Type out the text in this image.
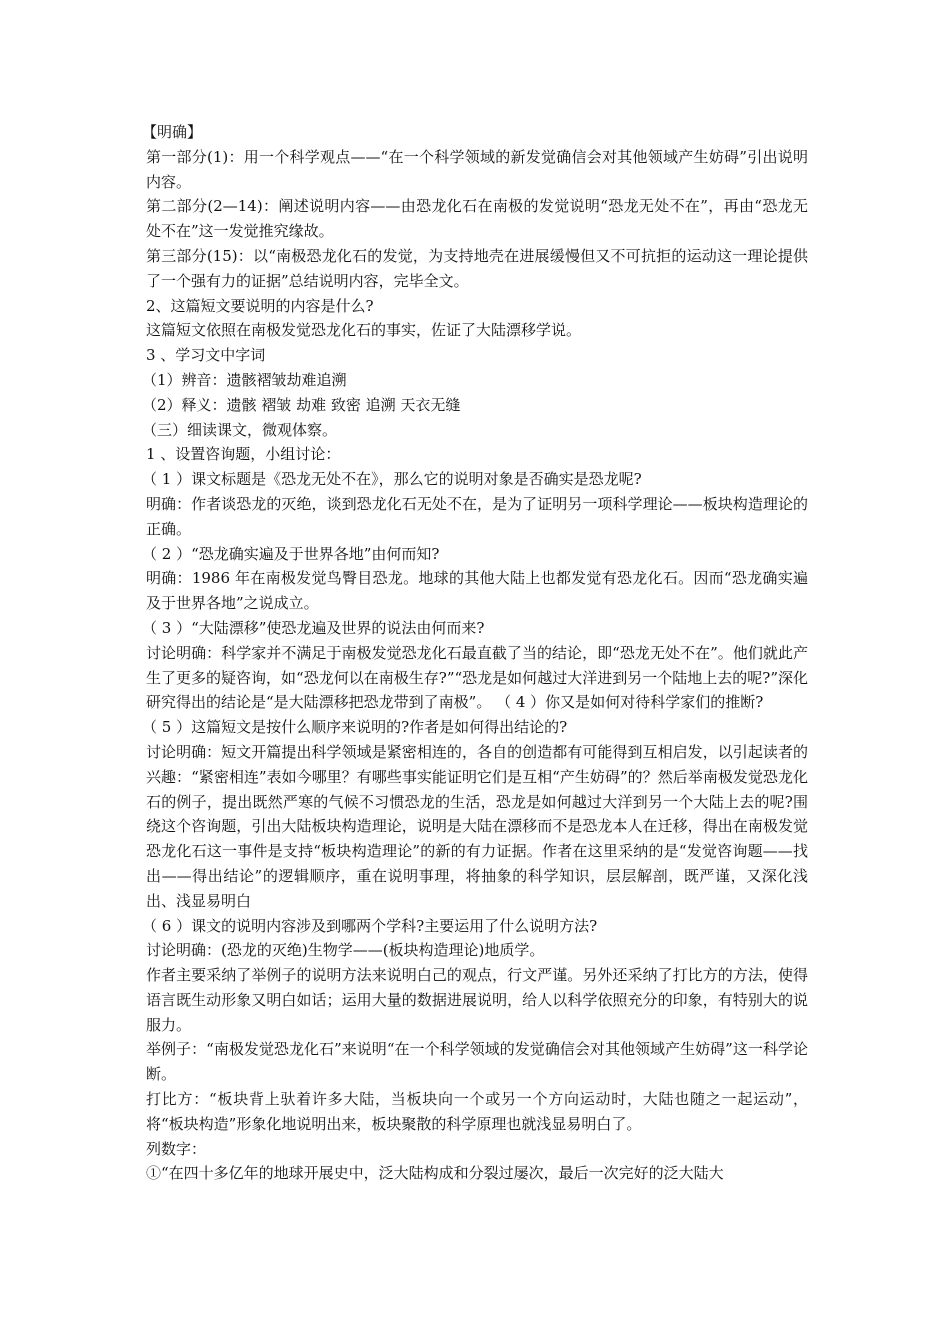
【明确】

第一部分(1)：用一个科学观点——“在一个科学领域的新发觉确信会对其他领域产生妨碍”引出说明内容。

第二部分(2—14)：阐述说明内容——由恐龙化石在南极的发觉说明“恐龙无处不在”，再由“恐龙无处不在”这一发觉推究缘故。

第三部分(15)：以“南极恐龙化石的发觉，为支持地壳在进展缓慢但又不可抗拒的运动这一理论提供了一个强有力的证据”总结说明内容，完毕全文。

2、这篇短文要说明的内容是什么?

这篇短文依照在南极发觉恐龙化石的事实，佐证了大陆漂移学说。

3 、学习文中字词

（1）辨音：遗骸褶皱劫难追溯

（2）释义：遗骸 褶皱 劫难 致密 追溯 天衣无缝

（三）细读课文，微观体察。

1 、设置咨询题，小组讨论：

（ 1 ）课文标题是《恐龙无处不在》，那么它的说明对象是否确实是恐龙呢?

明确：作者谈恐龙的灭绝，谈到恐龙化石无处不在，是为了证明另一项科学理论——板块构造理论的正确。

（ 2 ）“恐龙确实遍及于世界各地”由何而知?

明确：1986 年在南极发觉鸟臀目恐龙。地球的其他大陆上也都发觉有恐龙化石。因而“恐龙确实遍及于世界各地”之说成立。

（ 3 ）“大陆漂移”使恐龙遍及世界的说法由何而来?

讨论明确：科学家并不满足于南极发觉恐龙化石最直截了当的结论，即“恐龙无处不在”。他们就此产生了更多的疑咨询，如“恐龙何以在南极生存?”“恐龙是如何越过大洋进到另一个陆地上去的呢?”深化研究得出的结论是“是大陆漂移把恐龙带到了南极”。 （ 4 ）你又是如何对待科学家们的推断?

（ 5 ）这篇短文是按什么顺序来说明的?作者是如何得出结论的?

讨论明确：短文开篇提出科学领域是紧密相连的，各自的创造都有可能得到互相启发，以引起读者的兴趣：“紧密相连”表如今哪里？有哪些事实能证明它们是互相“产生妨碍”的？然后举南极发觉恐龙化石的例子，提出既然严寒的气候不习惯恐龙的生活，恐龙是如何越过大洋到另一个大陆上去的呢?围绕这个咨询题，引出大陆板块构造理论，说明是大陆在漂移而不是恐龙本人在迁移，得出在南极发觉恐龙化石这一事件是支持“板块构造理论”的新的有力证据。作者在这里采纳的是“发觉咨询题——找出——得出结论”的逻辑顺序，重在说明事理，将抽象的科学知识，层层解剖，既严谨，又深化浅出、浅显易明白

（ 6 ）课文的说明内容涉及到哪两个学科?主要运用了什么说明方法?

讨论明确：(恐龙的灭绝)生物学——(板块构造理论)地质学。

作者主要采纳了举例子的说明方法来说明白己的观点，行文严谨。另外还采纳了打比方的方法，使得语言既生动形象又明白如话；运用大量的数据进展说明，给人以科学依照充分的印象，有特别大的说服力。

举例子：“南极发觉恐龙化石”来说明“在一个科学领域的发觉确信会对其他领域产生妨碍”这一科学论断。

打比方：“板块背上驮着许多大陆，当板块向一个或另一个方向运动时，大陆也随之一起运动”，将“板块构造”形象化地说明出来，板块聚散的科学原理也就浅显易明白了。

列数字：

①“在四十多亿年的地球开展史中，泛大陆构成和分裂过屡次，最后一次完好的泛大陆大
